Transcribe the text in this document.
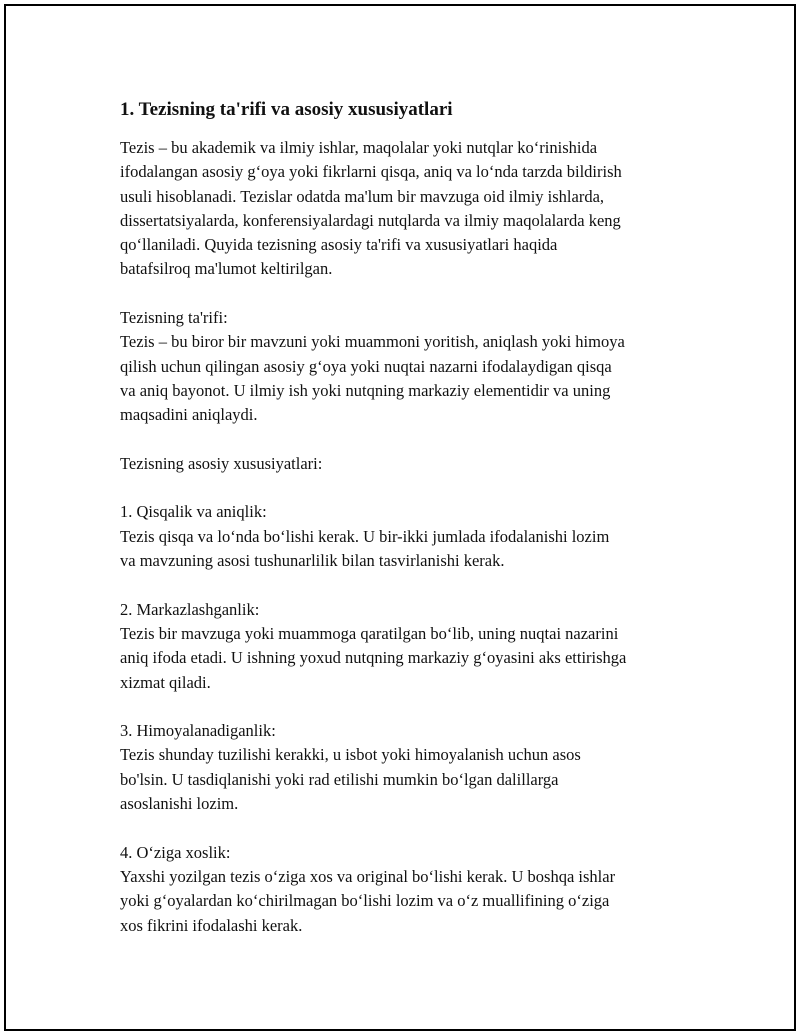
1. Tezisning ta'rifi va asosiy xususiyatlari
Tezis – bu akademik va ilmiy ishlar, maqolalar yoki nutqlar ko‘rinishida
ifodalangan asosiy g‘oya yoki fikrlarni qisqa, aniq va lo‘nda tarzda bildirish
usuli hisoblanadi. Tezislar odatda ma'lum bir mavzuga oid ilmiy ishlarda,
dissertatsiyalarda, konferensiyalardagi nutqlarda va ilmiy maqolalarda keng
qo‘llaniladi. Quyida tezisning asosiy ta'rifi va xususiyatlari haqida
batafsilroq ma'lumot keltirilgan.
Tezisning ta'rifi:
Tezis – bu biror bir mavzuni yoki muammoni yoritish, aniqlash yoki himoya
qilish uchun qilingan asosiy g‘oya yoki nuqtai nazarni ifodalaydigan qisqa
va aniq bayonot. U ilmiy ish yoki nutqning markaziy elementidir va uning
maqsadini aniqlaydi.
Tezisning asosiy xususiyatlari:
1. Qisqalik va aniqlik:
Tezis qisqa va lo‘nda bo‘lishi kerak. U bir-ikki jumlada ifodalanishi lozim
va mavzuning asosi tushunarlilik bilan tasvirlanishi kerak.
2. Markazlashganlik:
Tezis bir mavzuga yoki muammoga qaratilgan bo‘lib, uning nuqtai nazarini
aniq ifoda etadi. U ishning yoxud nutqning markaziy g‘oyasini aks ettirishga
xizmat qiladi.
3. Himoyalanadiganlik:
Tezis shunday tuzilishi kerakki, u isbot yoki himoyalanish uchun asos
bo'lsin. U tasdiqlanishi yoki rad etilishi mumkin bo‘lgan dalillarga
asoslanishi lozim.
4. O‘ziga xoslik:
Yaxshi yozilgan tezis o‘ziga xos va original bo‘lishi kerak. U boshqa ishlar
yoki g‘oyalardan ko‘chirilmagan bo‘lishi lozim va o‘z muallifining o‘ziga
xos fikrini ifodalashi kerak.
